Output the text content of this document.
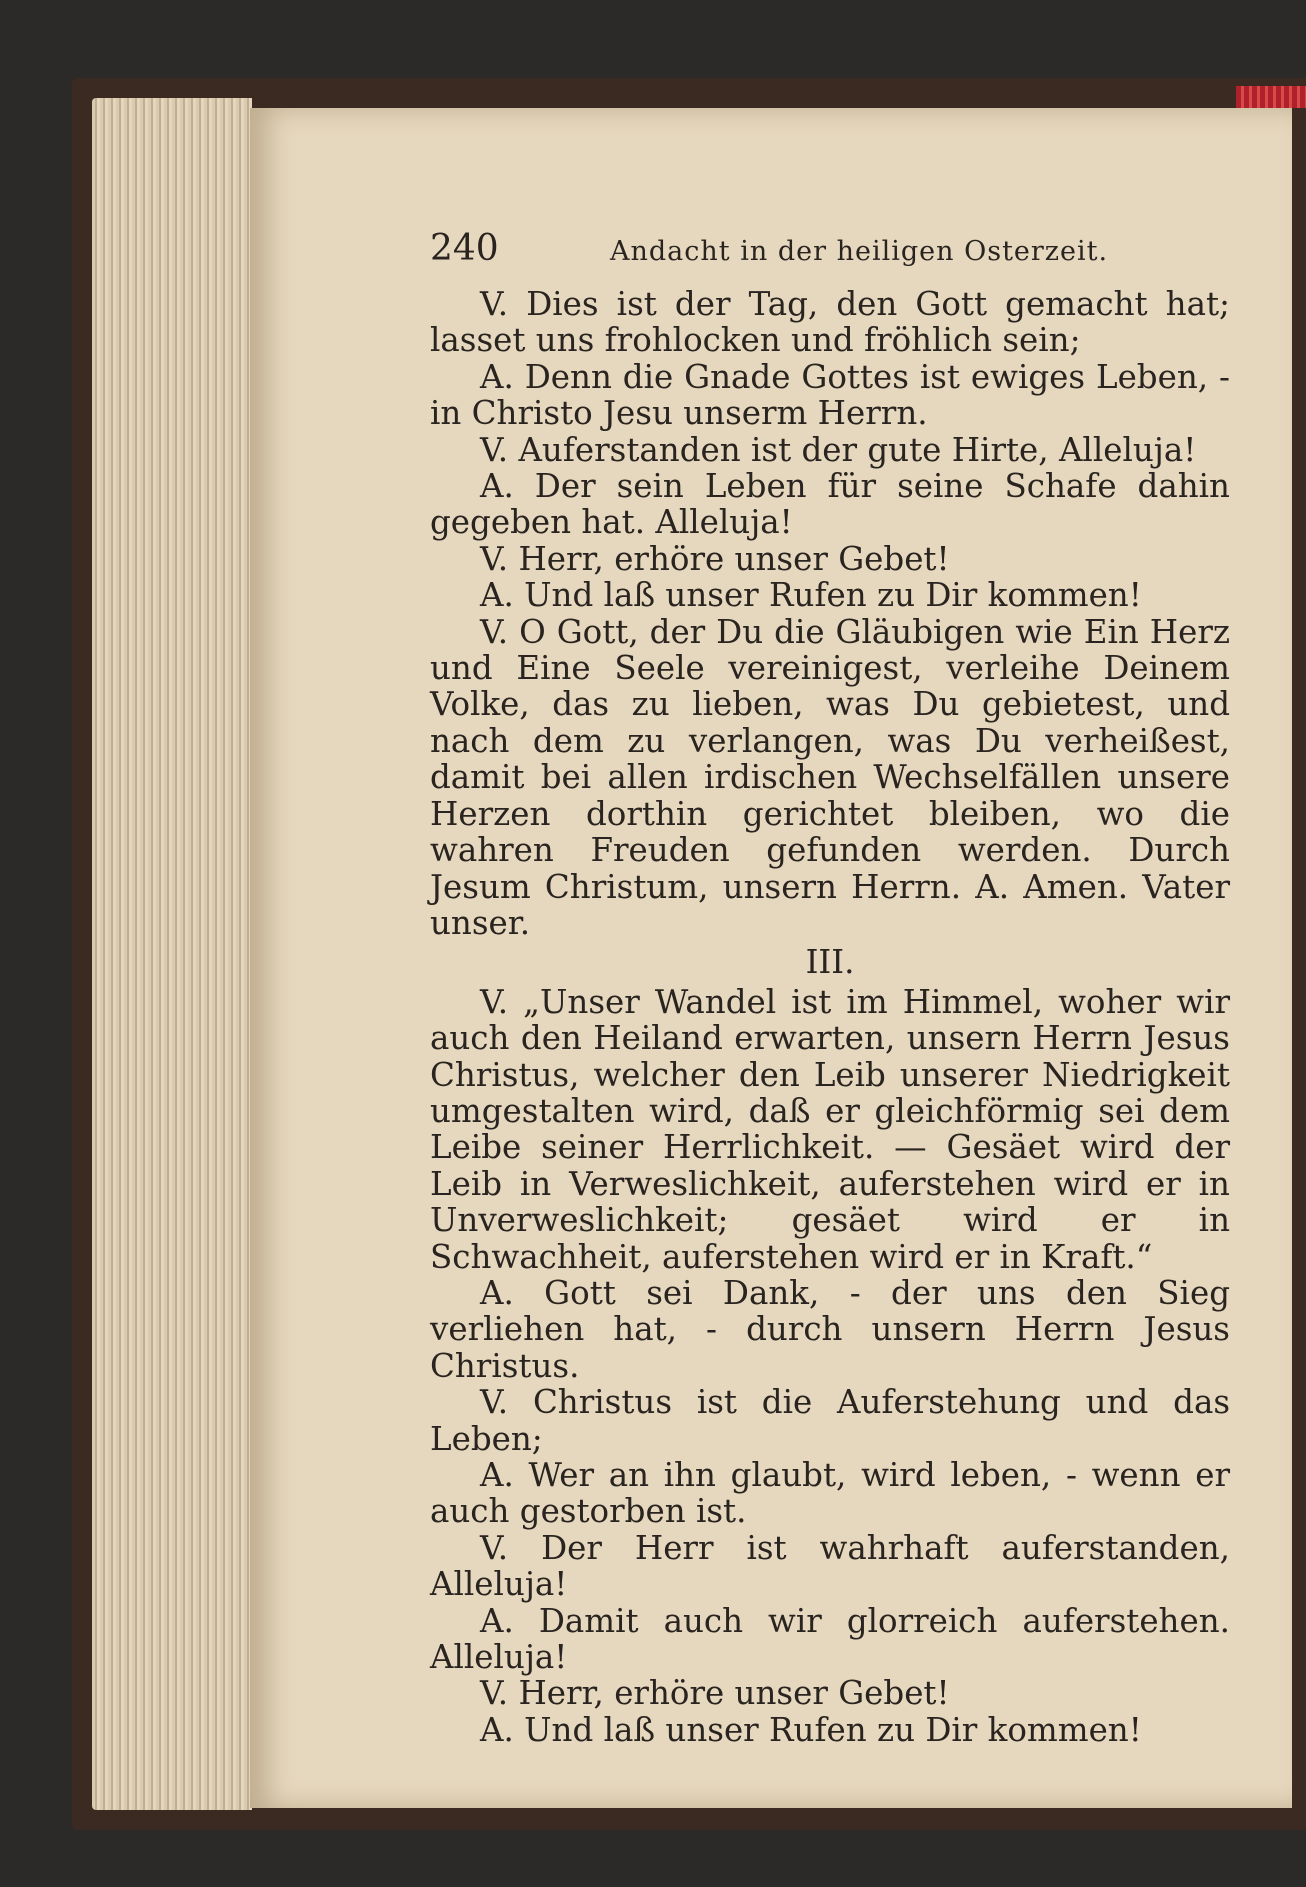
240	Andacht in der heiligen Osterzeit.
V. Dies ist der Tag, den Gott gemacht hat; lasset uns frohlocken und fröhlich sein;
A. Denn die Gnade Gottes ist ewiges Leben, - in Christo Jesu unserm Herrn.
V. Auferstanden ist der gute Hirte, Alleluja!
A. Der sein Leben für seine Schafe dahin gegeben hat. Alleluja!
V. Herr, erhöre unser Gebet!
A. Und laß unser Rufen zu Dir kommen!
V. O Gott, der Du die Gläubigen wie Ein Herz und Eine Seele vereinigest, verleihe Deinem Volke, das zu lieben, was Du gebietest, und nach dem zu verlangen, was Du verheißest, damit bei allen irdischen Wechselfällen unsere Herzen dorthin gerichtet bleiben, wo die wahren Freuden gefunden werden. Durch Jesum Christum, unsern Herrn. A. Amen. Vater unser.
III.
V. „Unser Wandel ist im Himmel, woher wir auch den Heiland erwarten, unsern Herrn Jesus Christus, welcher den Leib unserer Niedrigkeit umgestalten wird, daß er gleichförmig sei dem Leibe seiner Herrlichkeit. — Gesäet wird der Leib in Verweslichkeit, auferstehen wird er in Unverweslichkeit; gesäet wird er in Schwachheit, auferstehen wird er in Kraft.“
A. Gott sei Dank, - der uns den Sieg verliehen hat, - durch unsern Herrn Jesus Christus.
V. Christus ist die Auferstehung und das Leben;
A. Wer an ihn glaubt, wird leben, - wenn er auch gestorben ist.
V. Der Herr ist wahrhaft auferstanden, Alleluja!
A. Damit auch wir glorreich auferstehen. Alleluja!
V. Herr, erhöre unser Gebet!
A. Und laß unser Rufen zu Dir kommen!
